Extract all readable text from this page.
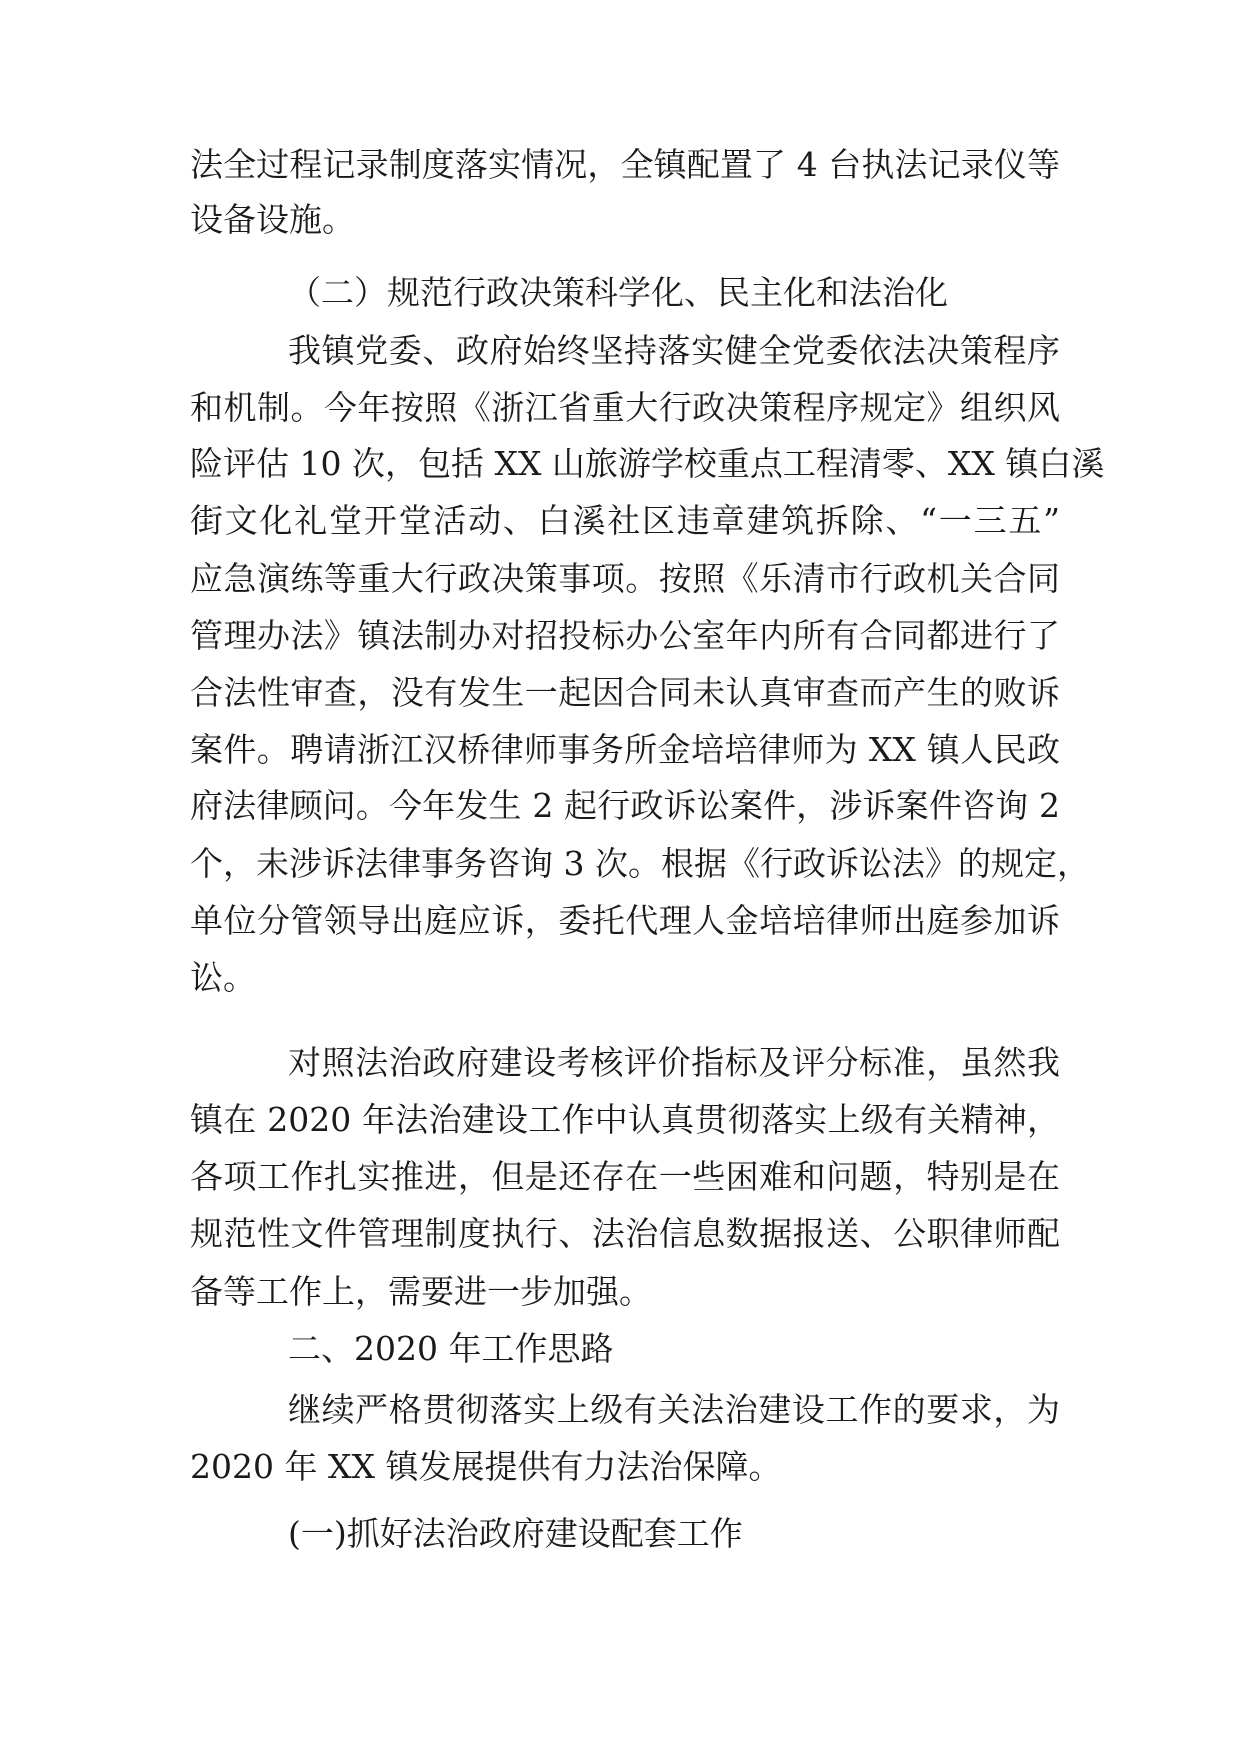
法全过程记录制度落实情况，全镇配置了 4 台执法记录仪等
设备设施。
（二）规范行政决策科学化、民主化和法治化
我镇党委、政府始终坚持落实健全党委依法决策程序
和机制。今年按照《浙江省重大行政决策程序规定》组织风
险评估 10 次，包括 XX 山旅游学校重点工程清零、XX 镇白溪
街文化礼堂开堂活动、白溪社区违章建筑拆除、“一三五”
应急演练等重大行政决策事项。按照《乐清市行政机关合同
管理办法》镇法制办对招投标办公室年内所有合同都进行了
合法性审查，没有发生一起因合同未认真审查而产生的败诉
案件。聘请浙江汉桥律师事务所金培培律师为 XX 镇人民政
府法律顾问。今年发生 2 起行政诉讼案件，涉诉案件咨询 2
个，未涉诉法律事务咨询 3 次。根据《行政诉讼法》的规定，
单位分管领导出庭应诉，委托代理人金培培律师出庭参加诉
讼。
对照法治政府建设考核评价指标及评分标准，虽然我
镇在 2020 年法治建设工作中认真贯彻落实上级有关精神，
各项工作扎实推进，但是还存在一些困难和问题，特别是在
规范性文件管理制度执行、法治信息数据报送、公职律师配
备等工作上，需要进一步加强。
二、2020 年工作思路
继续严格贯彻落实上级有关法治建设工作的要求，为
2020 年 XX 镇发展提供有力法治保障。
(一)抓好法治政府建设配套工作
